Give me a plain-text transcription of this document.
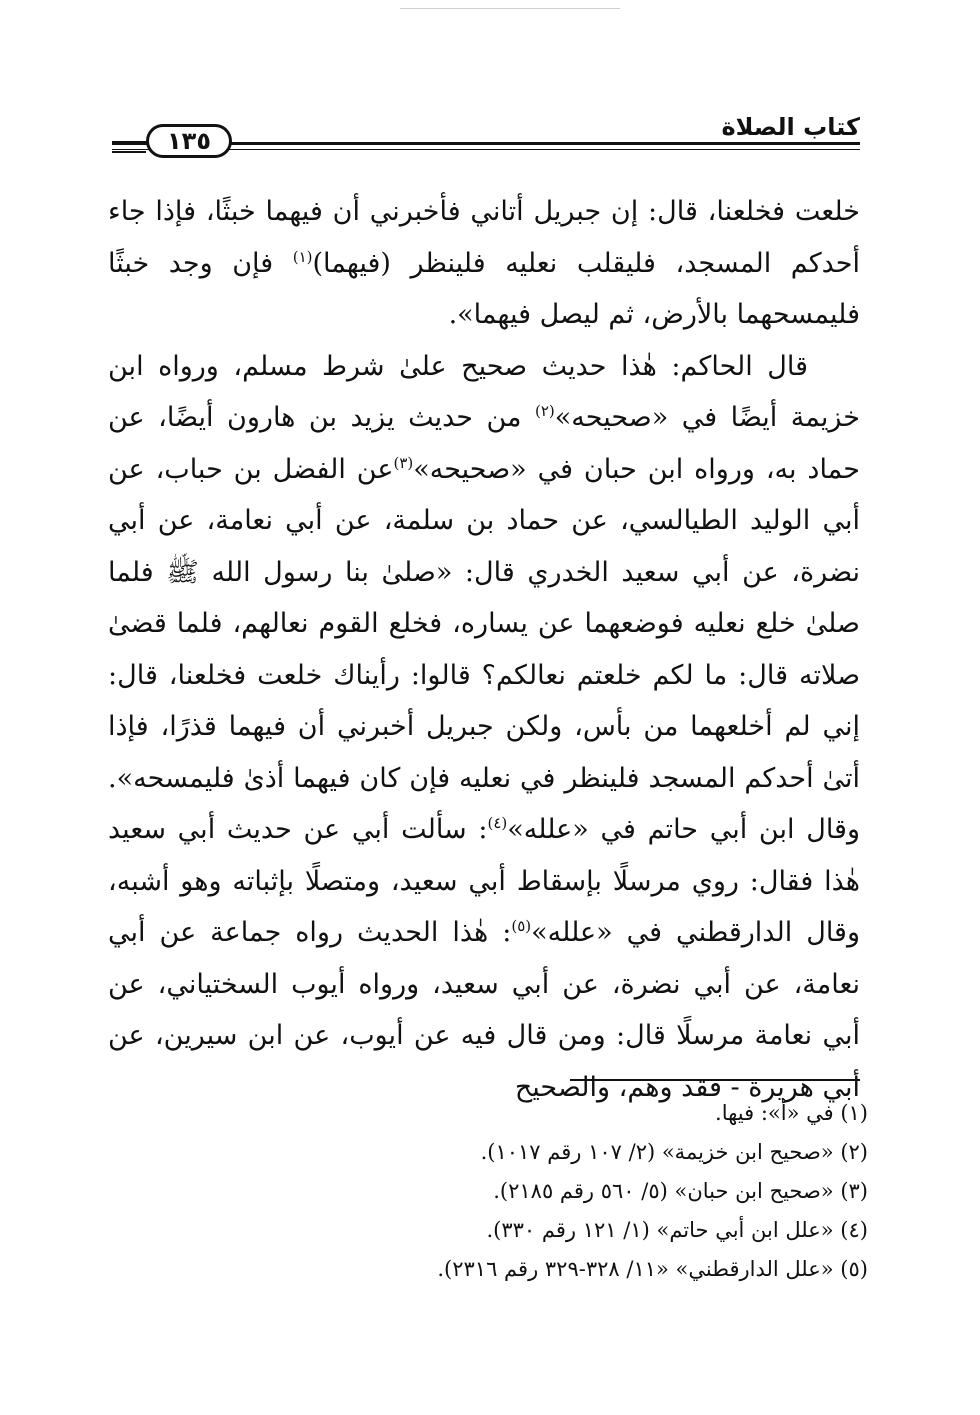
كتاب الصلاة
١٣٥

خلعت فخلعنا، قال: إن جبريل أتاني فأخبرني أن فيهما خبثًا، فإذا جاء أحدكم المسجد، فليقلب نعليه فلينظر (فيهما)$^{(١)}$ فإن وجد خبثًا فليمسحهما بالأرض، ثم ليصل فيهما».

قال الحاكم: هٰذا حديث صحيح علىٰ شرط مسلم، ورواه ابن خزيمة أيضًا في «صحيحه»$^{(٢)}$ من حديث يزيد بن هارون أيضًا، عن حماد به، ورواه ابن حبان في «صحيحه»$^{(٣)}$عن الفضل بن حباب، عن أبي الوليد الطيالسي، عن حماد بن سلمة، عن أبي نعامة، عن أبي نضرة، عن أبي سعيد الخدري قال: «صلىٰ بنا رسول الله ﷺ فلما صلىٰ خلع نعليه فوضعهما عن يساره، فخلع القوم نعالهم، فلما قضىٰ صلاته قال: ما لكم خلعتم نعالكم؟ قالوا: رأيناك خلعت فخلعنا، قال: إني لم أخلعهما من بأس، ولكن جبريل أخبرني أن فيهما قذرًا، فإذا أتىٰ أحدكم المسجد فلينظر في نعليه فإن كان فيهما أذىٰ فليمسحه». وقال ابن أبي حاتم في «علله»$^{(٤)}$: سألت أبي عن حديث أبي سعيد هٰذا فقال: روي مرسلًا بإسقاط أبي سعيد، ومتصلًا بإثباته وهو أشبه، وقال الدارقطني في «علله»$^{(٥)}$: هٰذا الحديث رواه جماعة عن أبي نعامة، عن أبي نضرة، عن أبي سعيد، ورواه أيوب السختياني، عن أبي نعامة مرسلًا قال: ومن قال فيه عن أيوب، عن ابن سيرين، عن أبي هريرة - فقد وهم، والصحيح

(١) في «أ»: فيها.
(٢) «صحيح ابن خزيمة» (٢/ ١٠٧ رقم ١٠١٧).
(٣) «صحيح ابن حبان» (٥/ ٥٦٠ رقم ٢١٨٥).
(٤) «علل ابن أبي حاتم» (١/ ١٢١ رقم ٣٣٠).
(٥) «علل الدارقطني» «١١/ ٣٢٨-٣٢٩ رقم ٢٣١٦).
